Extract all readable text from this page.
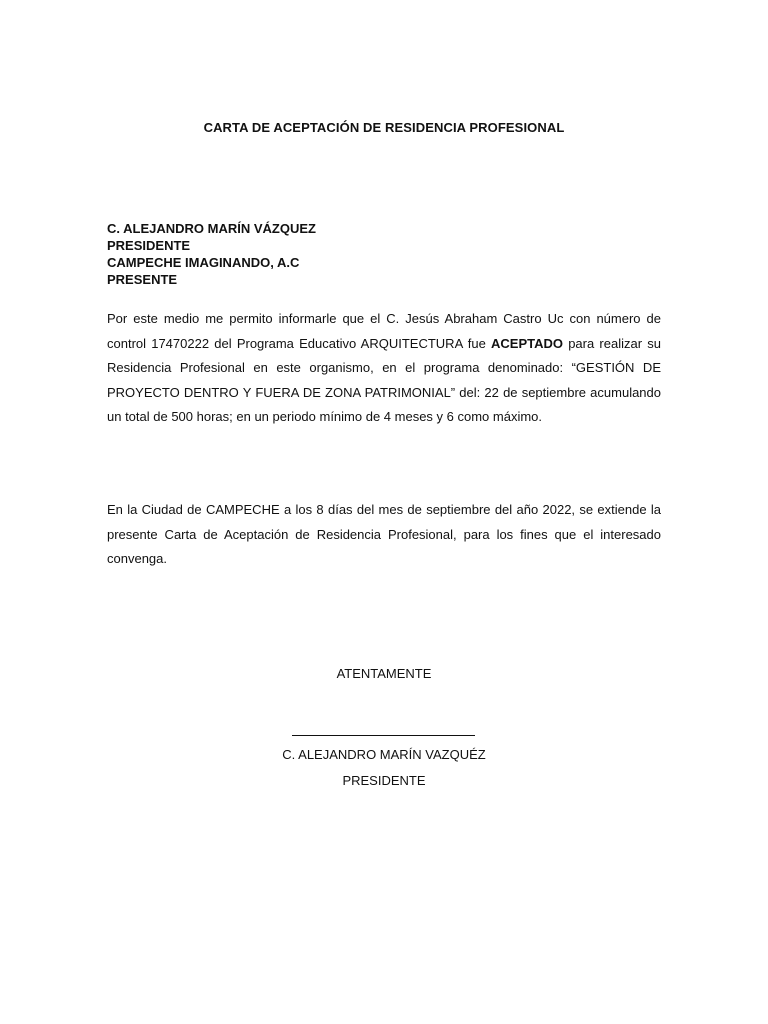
CARTA DE ACEPTACIÓN DE RESIDENCIA PROFESIONAL
C. ALEJANDRO MARÍN VÁZQUEZ
PRESIDENTE
CAMPECHE IMAGINANDO, A.C
PRESENTE
Por este medio me permito informarle que el C. Jesús Abraham Castro Uc con número de control 17470222 del Programa Educativo ARQUITECTURA fue ACEPTADO para realizar su Residencia Profesional en este organismo, en el programa denominado: “GESTIÓN DE PROYECTO DENTRO Y FUERA DE ZONA PATRIMONIAL” del: 22 de septiembre acumulando un total de 500 horas; en un periodo mínimo de 4 meses y 6 como máximo.
En la Ciudad de CAMPECHE a los 8 días del mes de septiembre del año 2022, se extiende la presente Carta de Aceptación de Residencia Profesional, para los fines que el interesado convenga.
ATENTAMENTE
C. ALEJANDRO MARÍN VAZQUÉZ
PRESIDENTE
